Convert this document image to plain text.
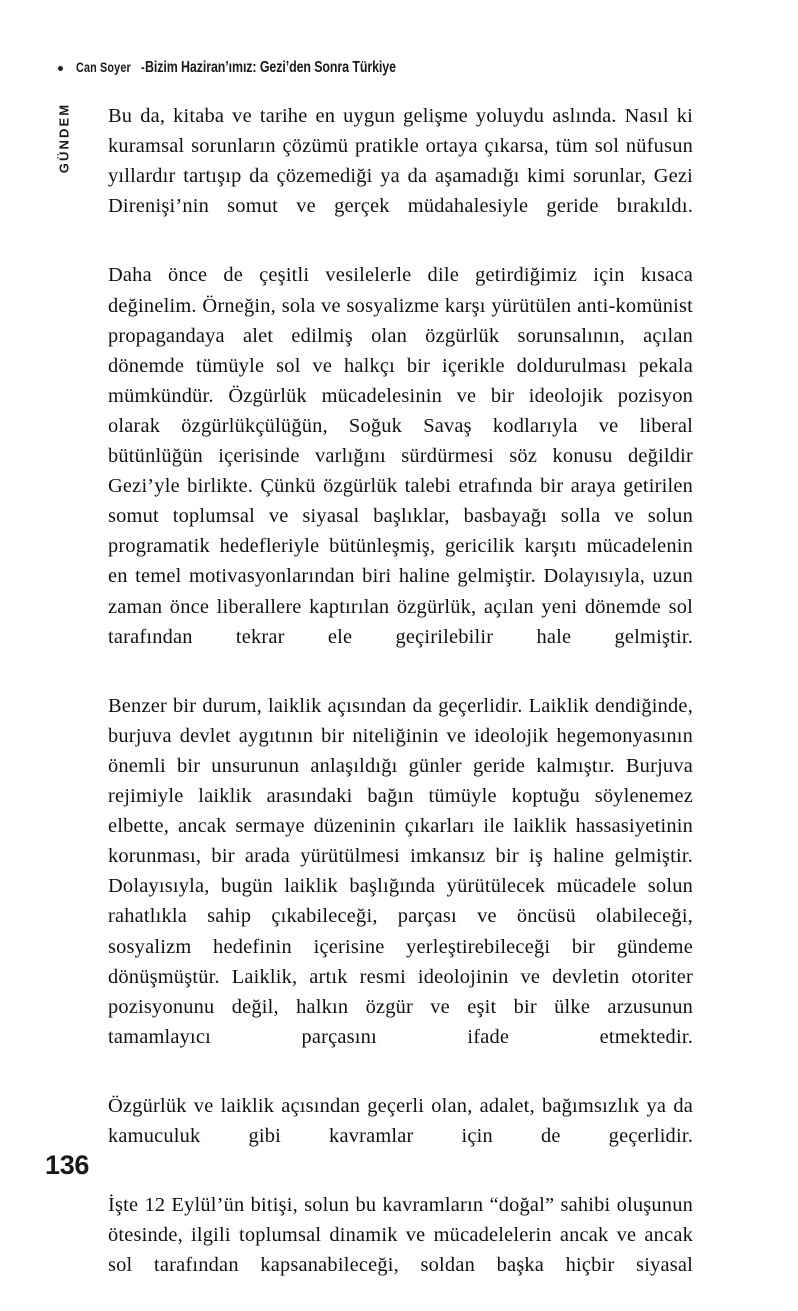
Can Soyer - Bizim Haziran’ımız: Gezi’den Sonra Türkiye
GÜNDEM Bu da, kitaba ve tarihe en uygun gelişme yoluydu aslında. Nasıl ki kuramsal sorunların çözümü pratikle ortaya çıkarsa, tüm sol nüfusun yıllardır tartışıp da çözemediği ya da aşamadığı kimi sorunlar, Gezi Direnişi’nin somut ve gerçek müdahalesiyle geride bırakıldı.

Daha önce de çeşitli vesilelerle dile getirdiğimiz için kısaca değinelim. Örneğin, sola ve sosyalizme karşı yürütülen anti-komünist propagandaya alet edilmiş olan özgürlük sorunsalının, açılan dönemde tümüyle sol ve halkçı bir içerikle doldurulması pekala mümkündür. Özgürlük mücadelesinin ve bir ideolojik pozisyon olarak özgürlükçülüğün, Soğuk Savaş kodlarıyla ve liberal bütünlüğün içerisinde varlığını sürdürmesi söz konusu değildir Gezi’yle birlikte. Çünkü özgürlük talebi etrafında bir araya getirilen somut toplumsal ve siyasal başlıklar, basbayağı solla ve solun programatik hedefleriyle bütünleşmiş, gericilik karşıtı mücadelenin en temel motivasyonlarından biri haline gelmiştir. Dolayısıyla, uzun zaman önce liberallere kaptırılan özgürlük, açılan yeni dönemde sol tarafından tekrar ele geçirilebilir hale gelmiştir.

Benzer bir durum, laiklik açısından da geçerlidir. Laiklik dendiğinde, burjuva devlet aygıtının bir niteliğinin ve ideolojik hegemonyasının önemli bir unsurunun anlaşıldığı günler geride kalmıştır. Burjuva rejimiyle laiklik arasındaki bağın tümüyle koptuğu söylenemez elbette, ancak sermaye düzeninin çıkarları ile laiklik hassasiyetinin korunması, bir arada yürütülmesi imkansız bir iş haline gelmiştir. Dolayısıyla, bugün laiklik başlığında yürütülecek mücadele solun rahatlıkla sahip çıkabileceği, parçası ve öncüsü olabileceği, sosyalizm hedefinin içerisine yerleştirebileceği bir gündeme dönüşmüştür. Laiklik, artık resmi ideolojinin ve devletin otoriter pozisyonunu değil, halkın özgür ve eşit bir ülke arzusunun tamamlayıcı parçasını ifade etmektedir.

Özgürlük ve laiklik açısından geçerli olan, adalet, bağımsızlık ya da kamuculuk gibi kavramlar için de geçerlidir.

İşte 12 Eylül’ün bitişi, solun bu kavramların “doğal” sahibi oluşunun ötesinde, ilgili toplumsal dinamik ve mücadelelerin ancak ve ancak sol tarafından kapsanabileceği, soldan başka hiçbir siyasal

136
